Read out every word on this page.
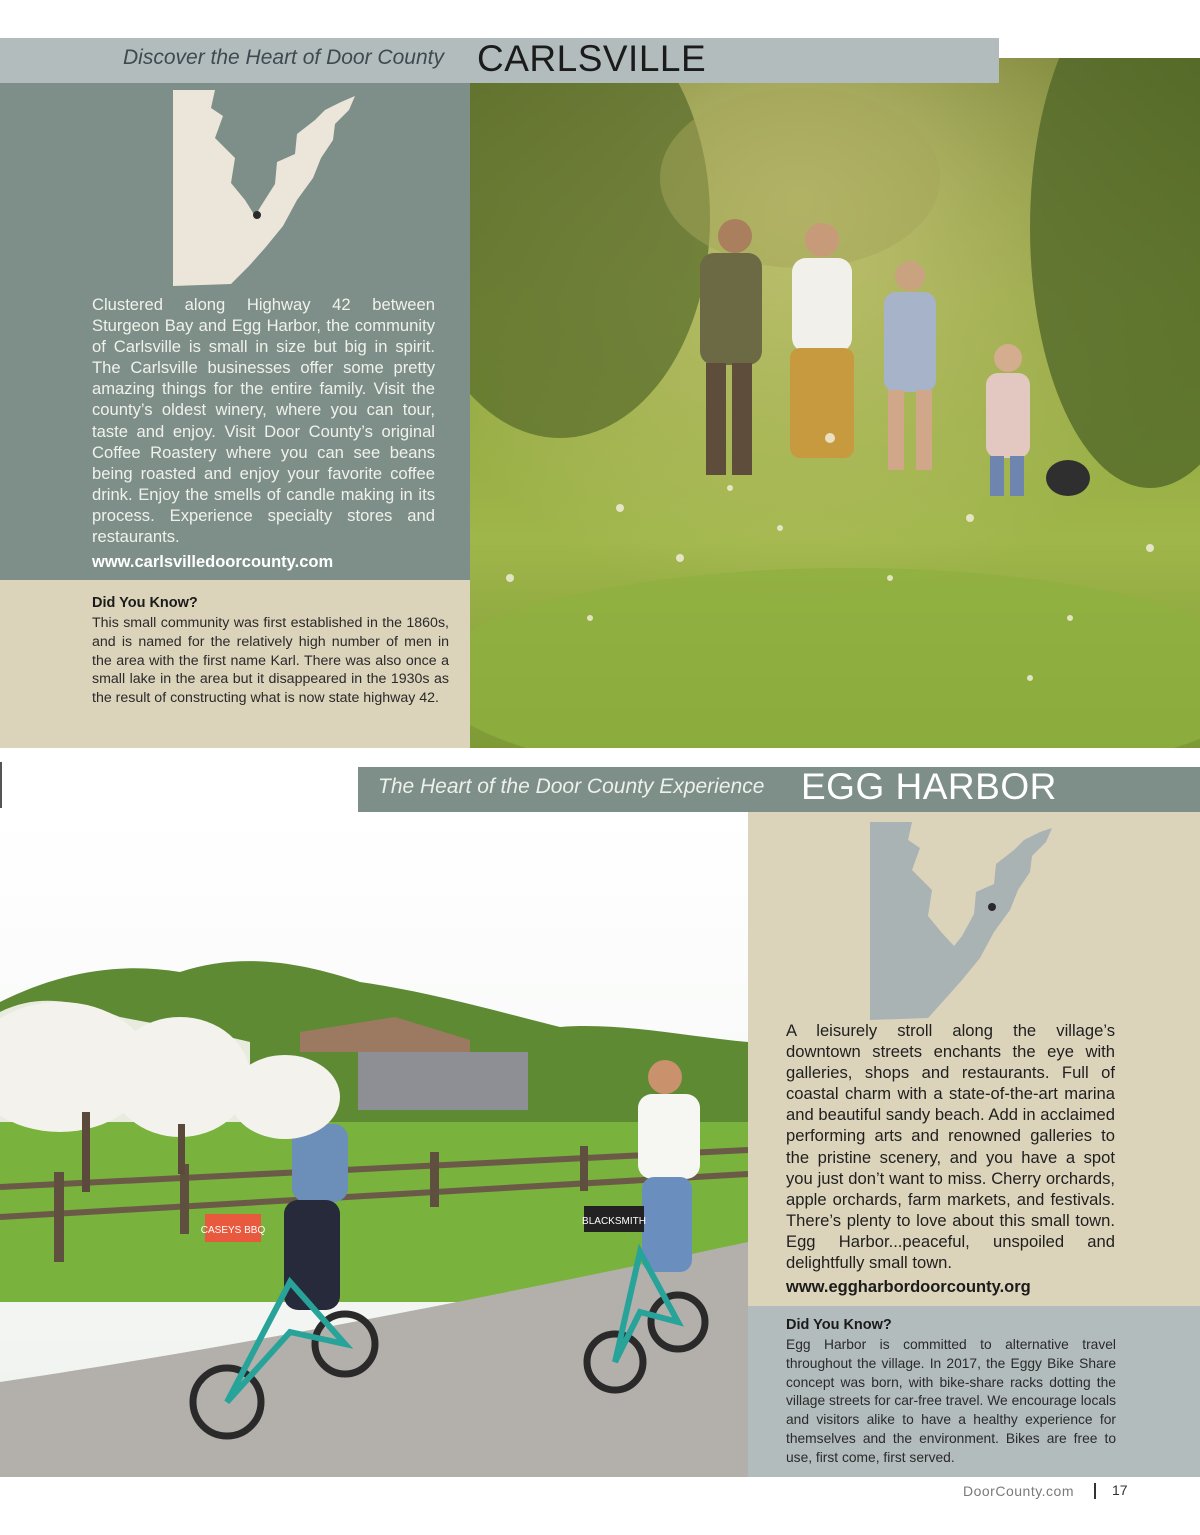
Discover the Heart of Door County CARLSVILLE
Clustered along Highway 42 between Sturgeon Bay and Egg Harbor, the community of Carlsville is small in size but big in spirit. The Carlsville businesses offer some pretty amazing things for the entire family. Visit the county’s oldest winery, where you can tour, taste and enjoy. Visit Door County’s original Coffee Roastery where you can see beans being roasted and enjoy your favorite coffee drink. Enjoy the smells of candle making in its process. Experience specialty stores and restaurants.
www.carlsvilledoorcounty.com
Did You Know?
This small community was first established in the 1860s, and is named for the relatively high number of men in the area with the first name Karl. There was also once a small lake in the area but it disappeared in the 1930s as the result of constructing what is now state highway 42.
CASEYS BBQ
BLACKSMITH
The Heart of the Door County Experience EGG HARBOR
A leisurely stroll along the village’s downtown streets enchants the eye with galleries, shops and restaurants. Full of coastal charm with a state-of-the-art marina and beautiful sandy beach. Add in acclaimed performing arts and renowned galleries to the pristine scenery, and you have a spot you just don’t want to miss. Cherry orchards, apple orchards, farm markets, and festivals. There’s plenty to love about this small town. Egg Harbor...peaceful, unspoiled and delightfully small town.
www.eggharbordoorcounty.org
Did You Know?
Egg Harbor is committed to alternative travel throughout the village. In 2017, the Eggy Bike Share concept was born, with bike-share racks dotting the village streets for car-free travel. We encourage locals and visitors alike to have a healthy experience for themselves and the environment. Bikes are free to use, first come, first served.
DoorCounty.com	17
